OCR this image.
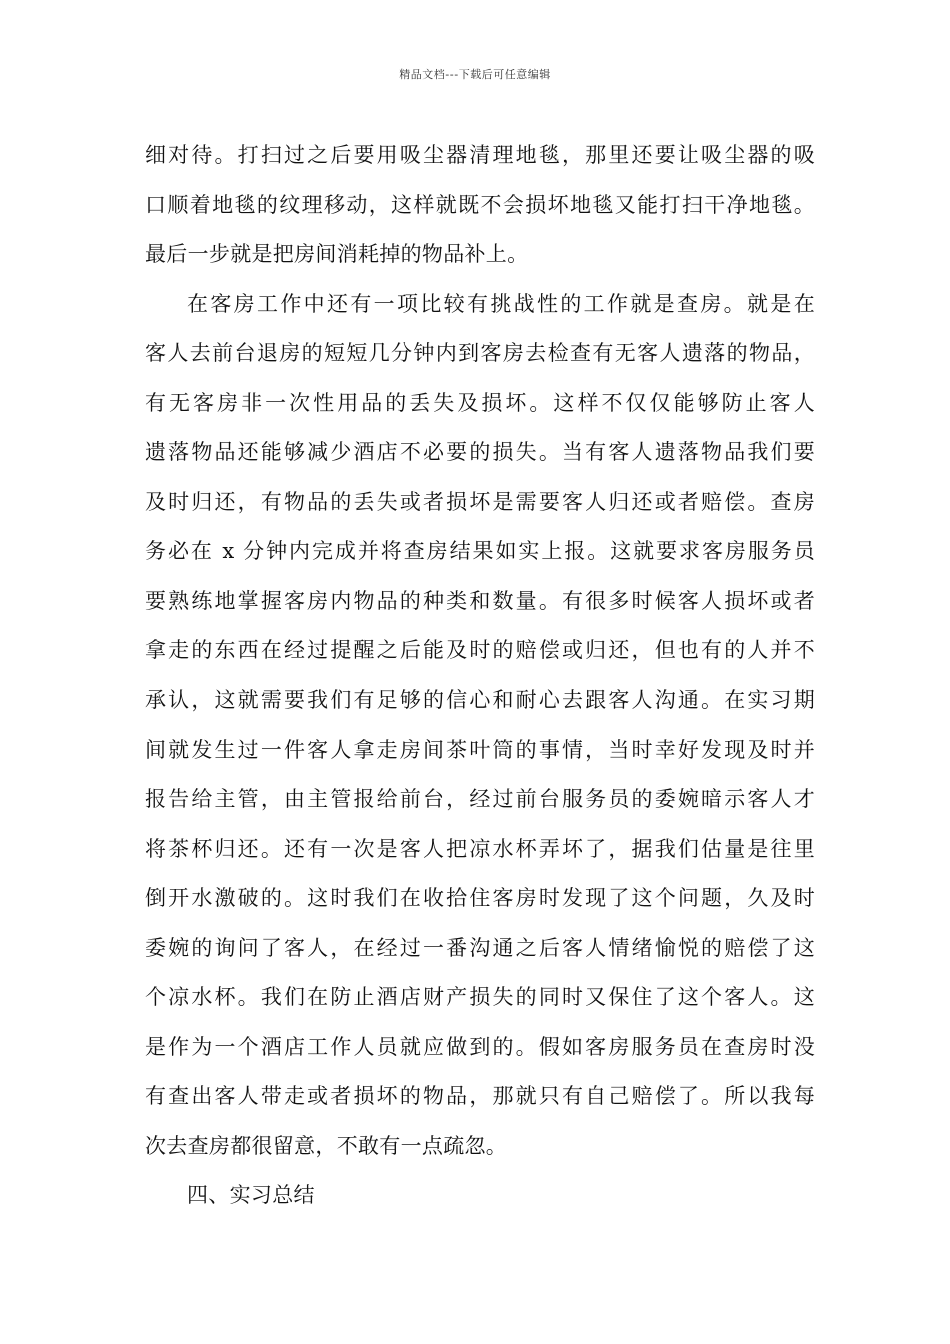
精品文档---下载后可任意编辑
细对待。打扫过之后要用吸尘器清理地毯，那里还要让吸尘器的吸
口顺着地毯的纹理移动，这样就既不会损坏地毯又能打扫干净地毯。
最后一步就是把房间消耗掉的物品补上。
在客房工作中还有一项比较有挑战性的工作就是查房。就是在
客人去前台退房的短短几分钟内到客房去检查有无客人遗落的物品，
有无客房非一次性用品的丢失及损坏。这样不仅仅能够防止客人
遗落物品还能够减少酒店不必要的损失。当有客人遗落物品我们要
及时归还，有物品的丢失或者损坏是需要客人归还或者赔偿。查房
务必在 x 分钟内完成并将查房结果如实上报。这就要求客房服务员
要熟练地掌握客房内物品的种类和数量。有很多时候客人损坏或者
拿走的东西在经过提醒之后能及时的赔偿或归还，但也有的人并不
承认，这就需要我们有足够的信心和耐心去跟客人沟通。在实习期
间就发生过一件客人拿走房间茶叶筒的事情，当时幸好发现及时并
报告给主管，由主管报给前台，经过前台服务员的委婉暗示客人才
将茶杯归还。还有一次是客人把凉水杯弄坏了，据我们估量是往里
倒开水激破的。这时我们在收拾住客房时发现了这个问题，久及时
委婉的询问了客人，在经过一番沟通之后客人情绪愉悦的赔偿了这
个凉水杯。我们在防止酒店财产损失的同时又保住了这个客人。这
是作为一个酒店工作人员就应做到的。假如客房服务员在查房时没
有查出客人带走或者损坏的物品，那就只有自己赔偿了。所以我每
次去查房都很留意，不敢有一点疏忽。
四、实习总结
